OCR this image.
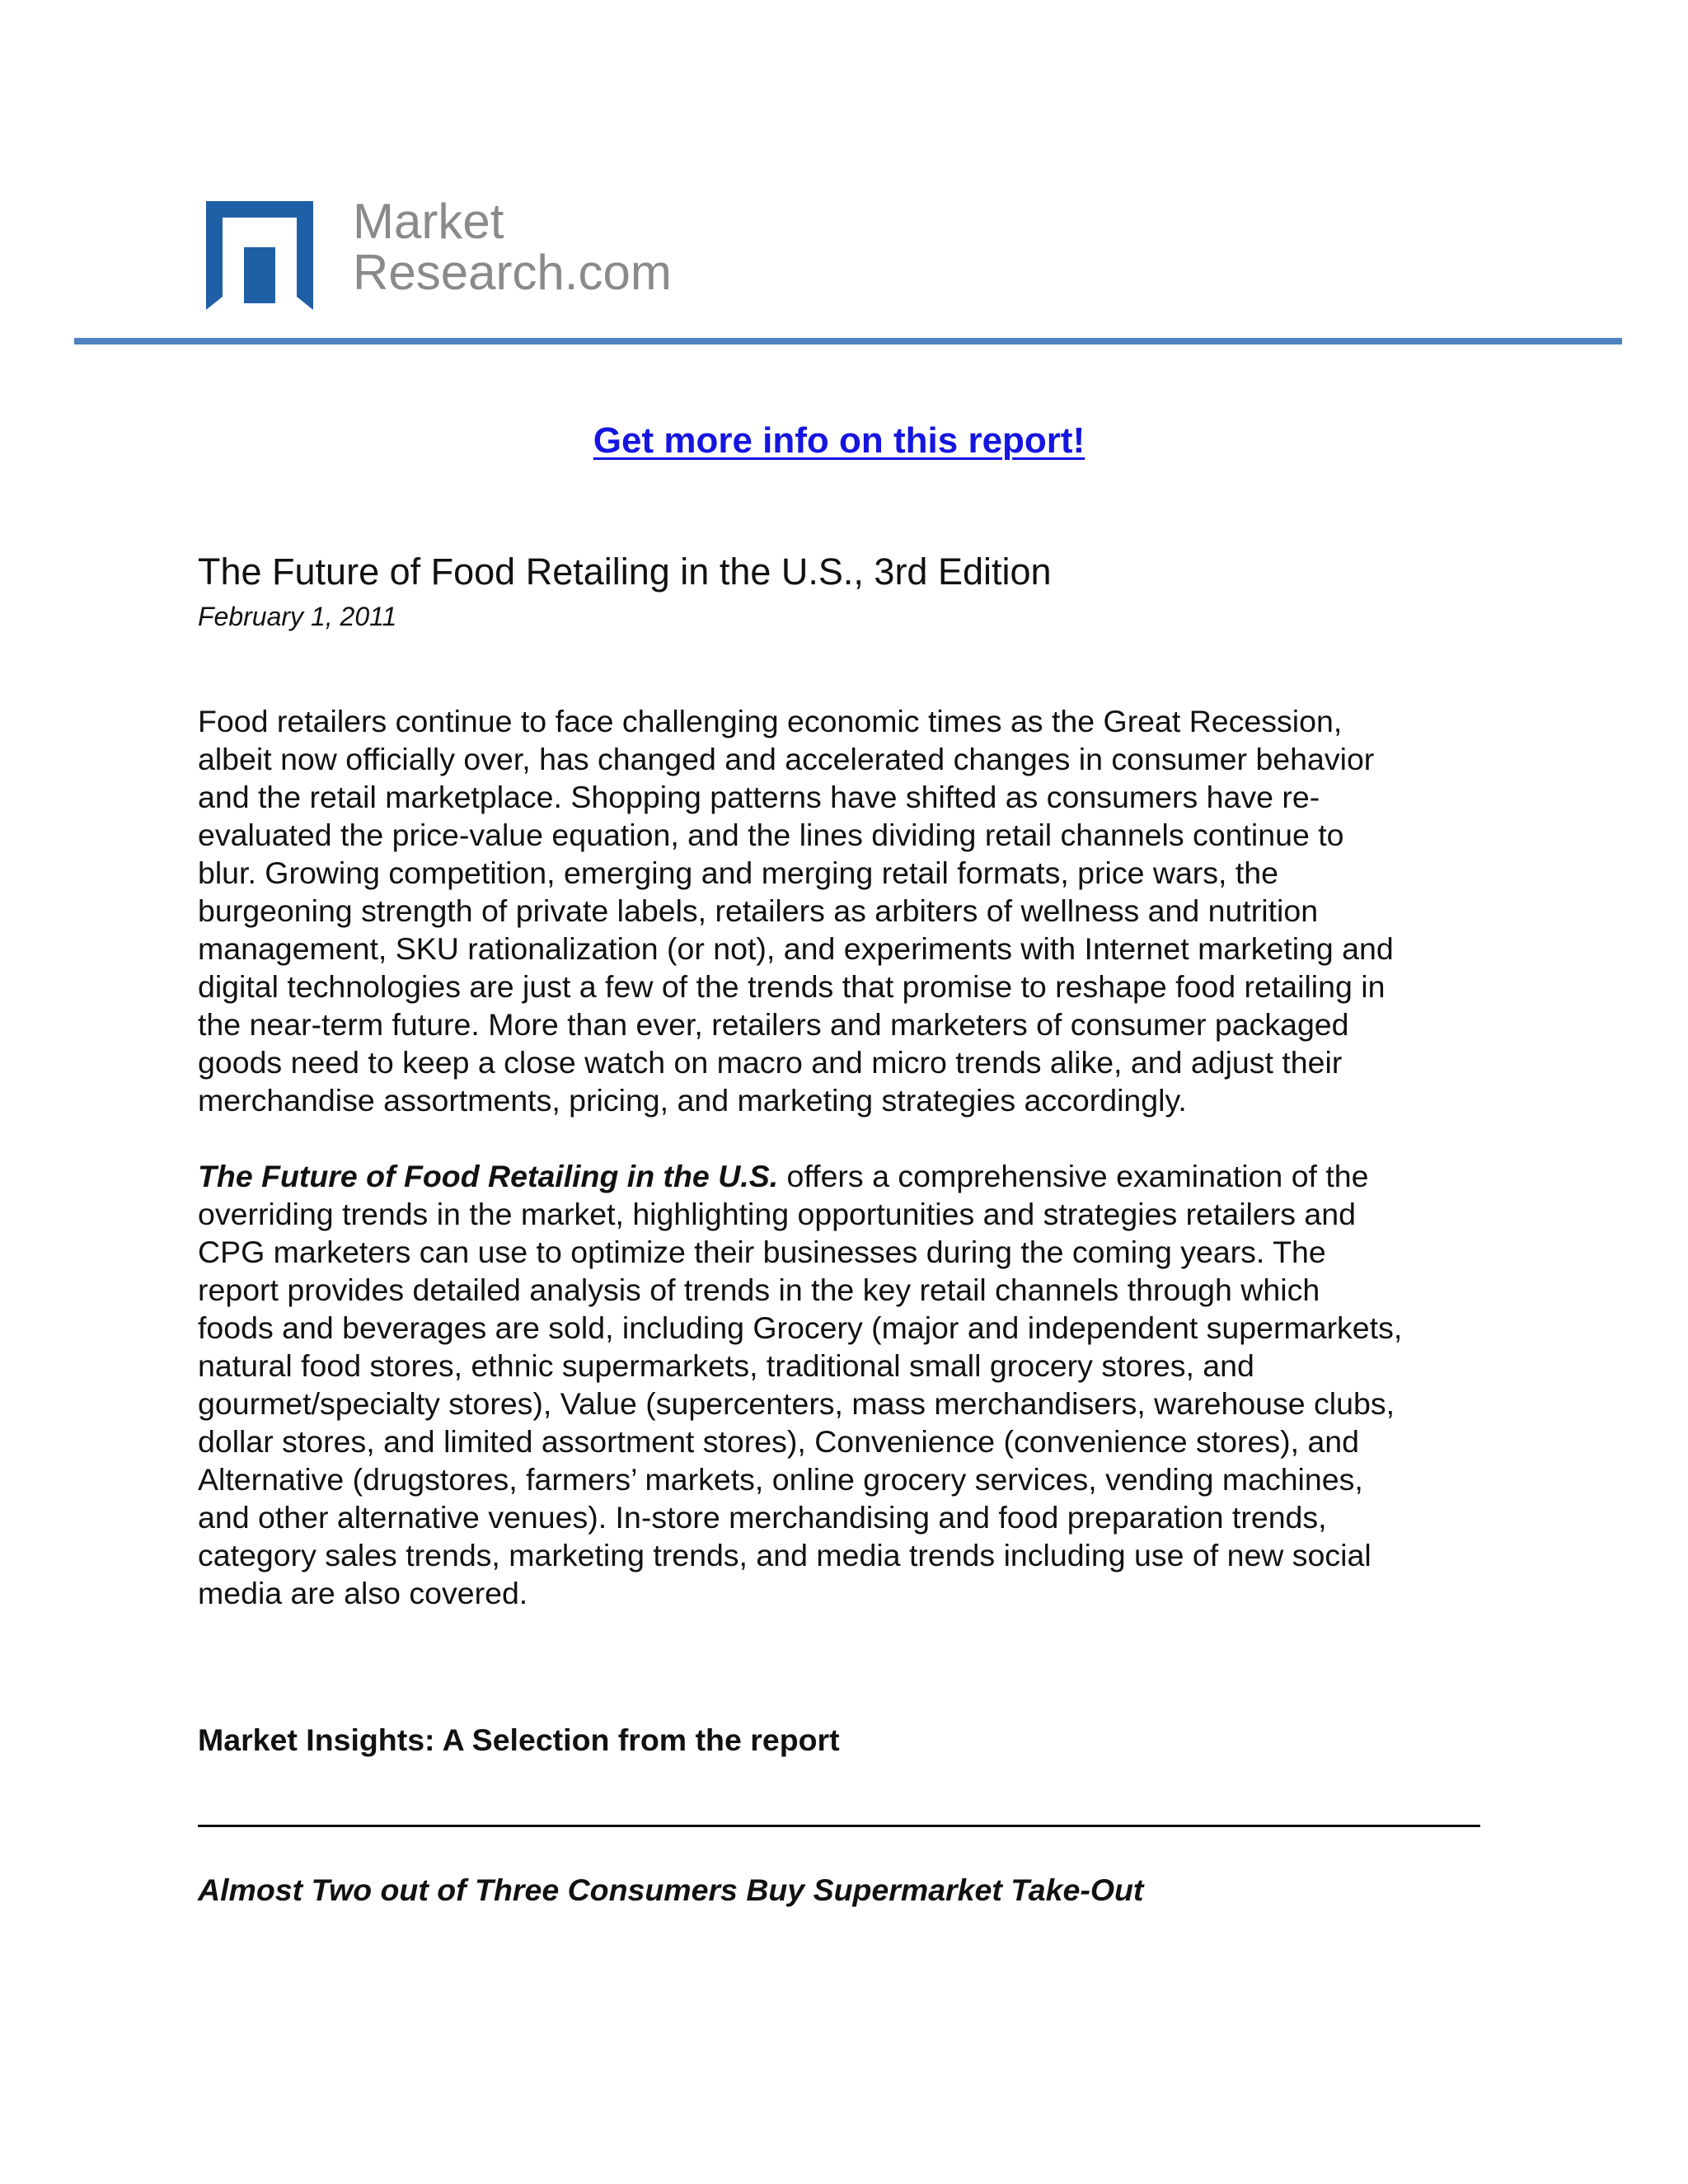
Market
Research.com
Get more info on this report!
The Future of Food Retailing in the U.S., 3rd Edition
February 1, 2011
Food retailers continue to face challenging economic times as the Great Recession,
albeit now officially over, has changed and accelerated changes in consumer behavior
and the retail marketplace. Shopping patterns have shifted as consumers have re-
evaluated the price-value equation, and the lines dividing retail channels continue to
blur. Growing competition, emerging and merging retail formats, price wars, the
burgeoning strength of private labels, retailers as arbiters of wellness and nutrition
management, SKU rationalization (or not), and experiments with Internet marketing and
digital technologies are just a few of the trends that promise to reshape food retailing in
the near-term future. More than ever, retailers and marketers of consumer packaged
goods need to keep a close watch on macro and micro trends alike, and adjust their
merchandise assortments, pricing, and marketing strategies accordingly.
The Future of Food Retailing in the U.S. offers a comprehensive examination of the
overriding trends in the market, highlighting opportunities and strategies retailers and
CPG marketers can use to optimize their businesses during the coming years. The
report provides detailed analysis of trends in the key retail channels through which
foods and beverages are sold, including Grocery (major and independent supermarkets,
natural food stores, ethnic supermarkets, traditional small grocery stores, and
gourmet/specialty stores), Value (supercenters, mass merchandisers, warehouse clubs,
dollar stores, and limited assortment stores), Convenience (convenience stores), and
Alternative (drugstores, farmers’ markets, online grocery services, vending machines,
and other alternative venues). In-store merchandising and food preparation trends,
category sales trends, marketing trends, and media trends including use of new social
media are also covered.
Market Insights: A Selection from the report
Almost Two out of Three Consumers Buy Supermarket Take-Out
